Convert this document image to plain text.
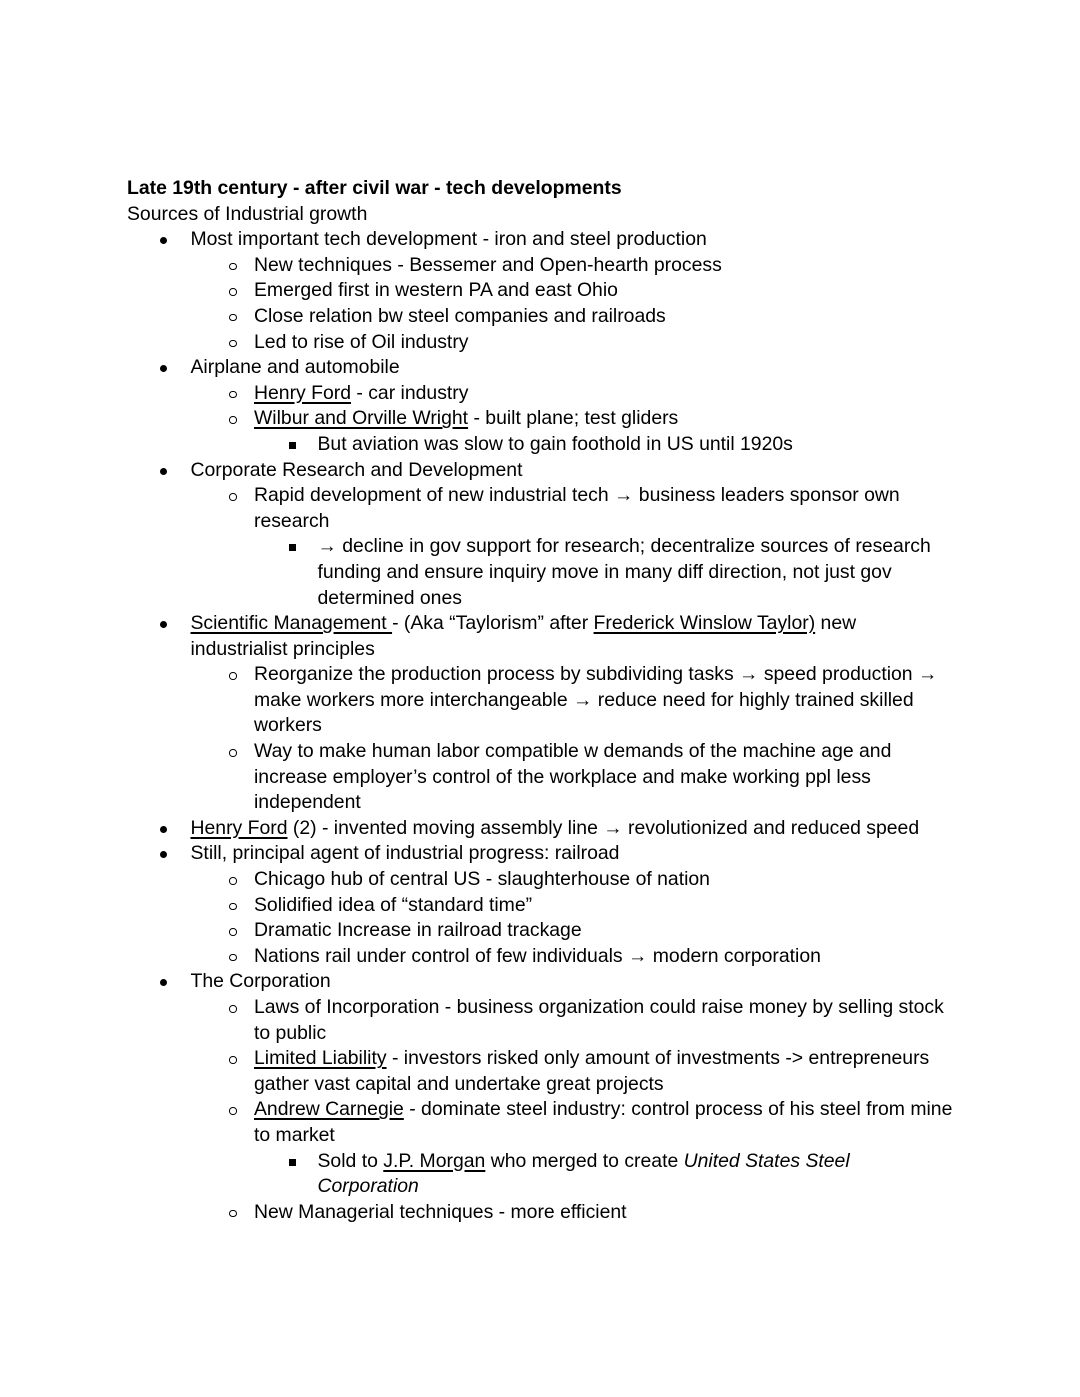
Late 19th century - after civil war - tech developments
Sources of Industrial growth
Most important tech development - iron and steel production
New techniques - Bessemer and Open-hearth process
Emerged first in western PA and east Ohio
Close relation bw steel companies and railroads
Led to rise of Oil industry
Airplane and automobile
Henry Ford - car industry
Wilbur and Orville Wright - built plane; test gliders
But aviation was slow to gain foothold in US until 1920s
Corporate Research and Development
Rapid development of new industrial tech → business leaders sponsor own research
→ decline in gov support for research; decentralize sources of research funding and ensure inquiry move in many diff direction, not just gov determined ones
Scientific Management - (Aka “Taylorism” after Frederick Winslow Taylor) new industrialist principles
Reorganize the production process by subdividing tasks → speed production → make workers more interchangeable → reduce need for highly trained skilled workers
Way to make human labor compatible w demands of the machine age and increase employer’s control of the workplace and make working ppl less independent
Henry Ford (2) - invented moving assembly line → revolutionized and reduced speed
Still, principal agent of industrial progress: railroad
Chicago hub of central US - slaughterhouse of nation
Solidified idea of “standard time”
Dramatic Increase in railroad trackage
Nations rail under control of few individuals → modern corporation
The Corporation
Laws of Incorporation - business organization could raise money by selling stock to public
Limited Liability - investors risked only amount of investments -> entrepreneurs gather vast capital and undertake great projects
Andrew Carnegie - dominate steel industry: control process of his steel from mine to market
Sold to J.P. Morgan who merged to create United States Steel Corporation
New Managerial techniques - more efficient
